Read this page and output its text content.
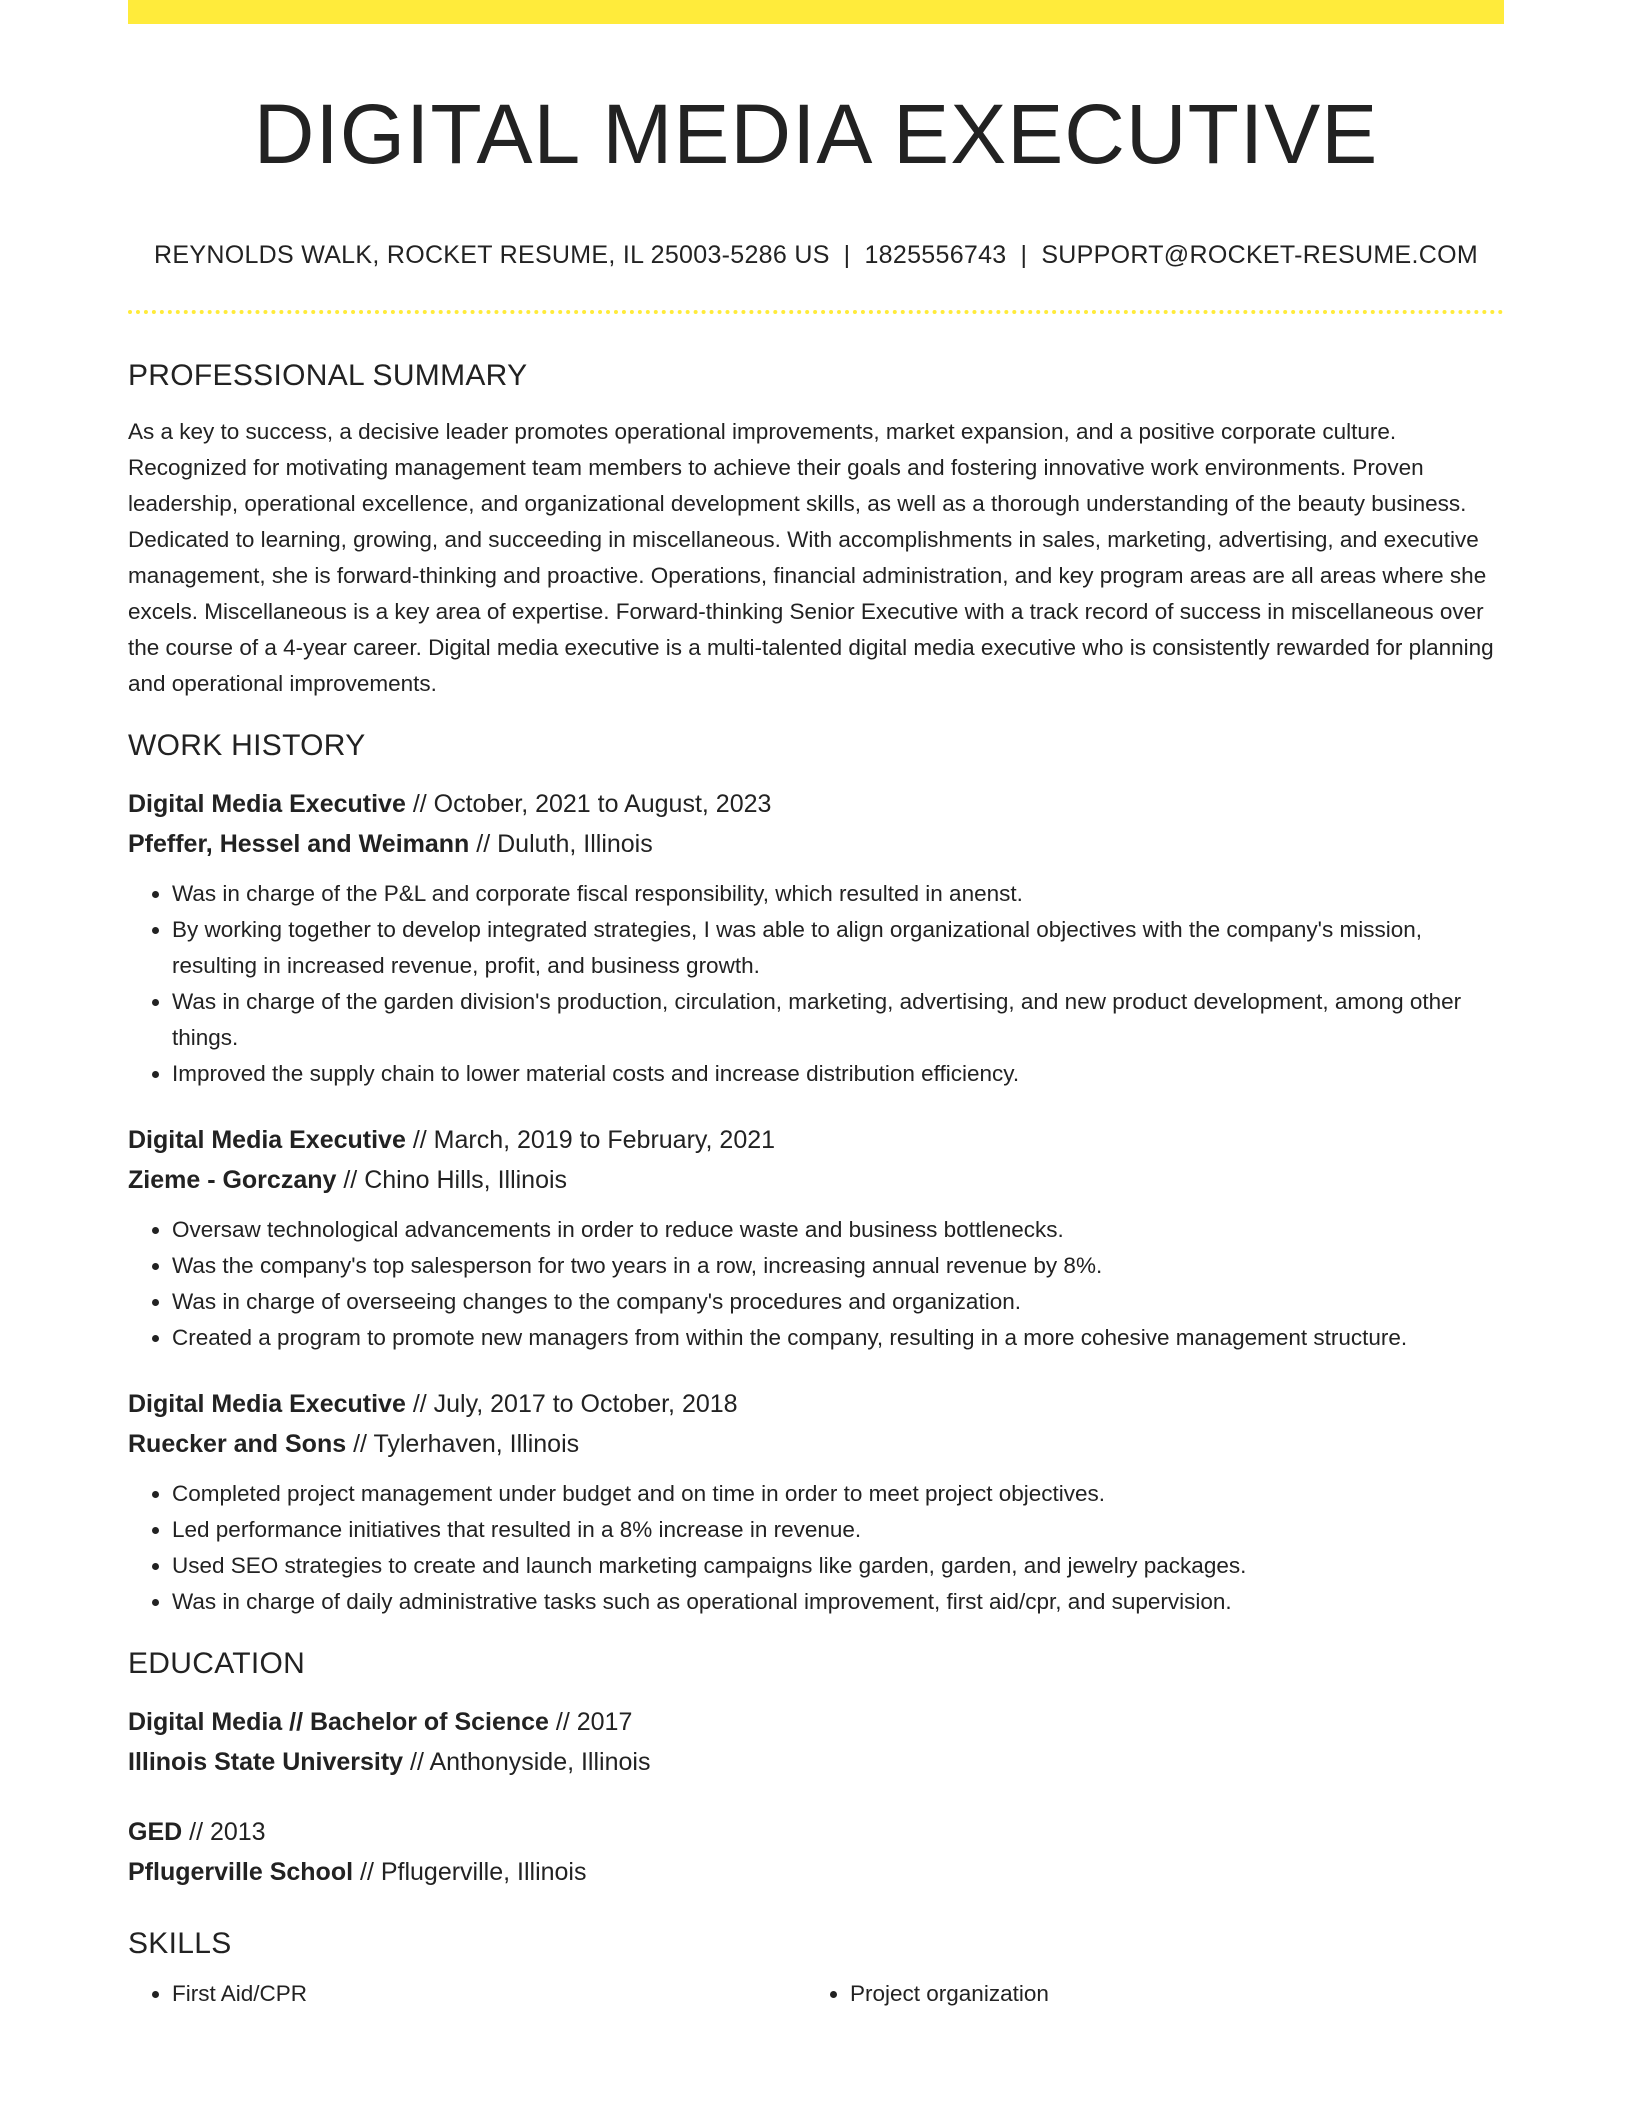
DIGITAL MEDIA EXECUTIVE
REYNOLDS WALK, ROCKET RESUME, IL 25003-5286 US | 1825556743 | SUPPORT@ROCKET-RESUME.COM
PROFESSIONAL SUMMARY
As a key to success, a decisive leader promotes operational improvements, market expansion, and a positive corporate culture. Recognized for motivating management team members to achieve their goals and fostering innovative work environments. Proven leadership, operational excellence, and organizational development skills, as well as a thorough understanding of the beauty business. Dedicated to learning, growing, and succeeding in miscellaneous. With accomplishments in sales, marketing, advertising, and executive management, she is forward-thinking and proactive. Operations, financial administration, and key program areas are all areas where she excels. Miscellaneous is a key area of expertise. Forward-thinking Senior Executive with a track record of success in miscellaneous over the course of a 4-year career. Digital media executive is a multi-talented digital media executive who is consistently rewarded for planning and operational improvements.
WORK HISTORY
Digital Media Executive // October, 2021 to August, 2023
Pfeffer, Hessel and Weimann // Duluth, Illinois
• Was in charge of the P&L and corporate fiscal responsibility, which resulted in anenst.
• By working together to develop integrated strategies, I was able to align organizational objectives with the company's mission, resulting in increased revenue, profit, and business growth.
• Was in charge of the garden division's production, circulation, marketing, advertising, and new product development, among other things.
• Improved the supply chain to lower material costs and increase distribution efficiency.
Digital Media Executive // March, 2019 to February, 2021
Zieme - Gorczany // Chino Hills, Illinois
• Oversaw technological advancements in order to reduce waste and business bottlenecks.
• Was the company's top salesperson for two years in a row, increasing annual revenue by 8%.
• Was in charge of overseeing changes to the company's procedures and organization.
• Created a program to promote new managers from within the company, resulting in a more cohesive management structure.
Digital Media Executive // July, 2017 to October, 2018
Ruecker and Sons // Tylerhaven, Illinois
• Completed project management under budget and on time in order to meet project objectives.
• Led performance initiatives that resulted in a 8% increase in revenue.
• Used SEO strategies to create and launch marketing campaigns like garden, garden, and jewelry packages.
• Was in charge of daily administrative tasks such as operational improvement, first aid/cpr, and supervision.
EDUCATION
Digital Media // Bachelor of Science // 2017
Illinois State University // Anthonyside, Illinois
GED // 2013
Pflugerville School // Pflugerville, Illinois
SKILLS
• First Aid/CPR
•	Project organization
